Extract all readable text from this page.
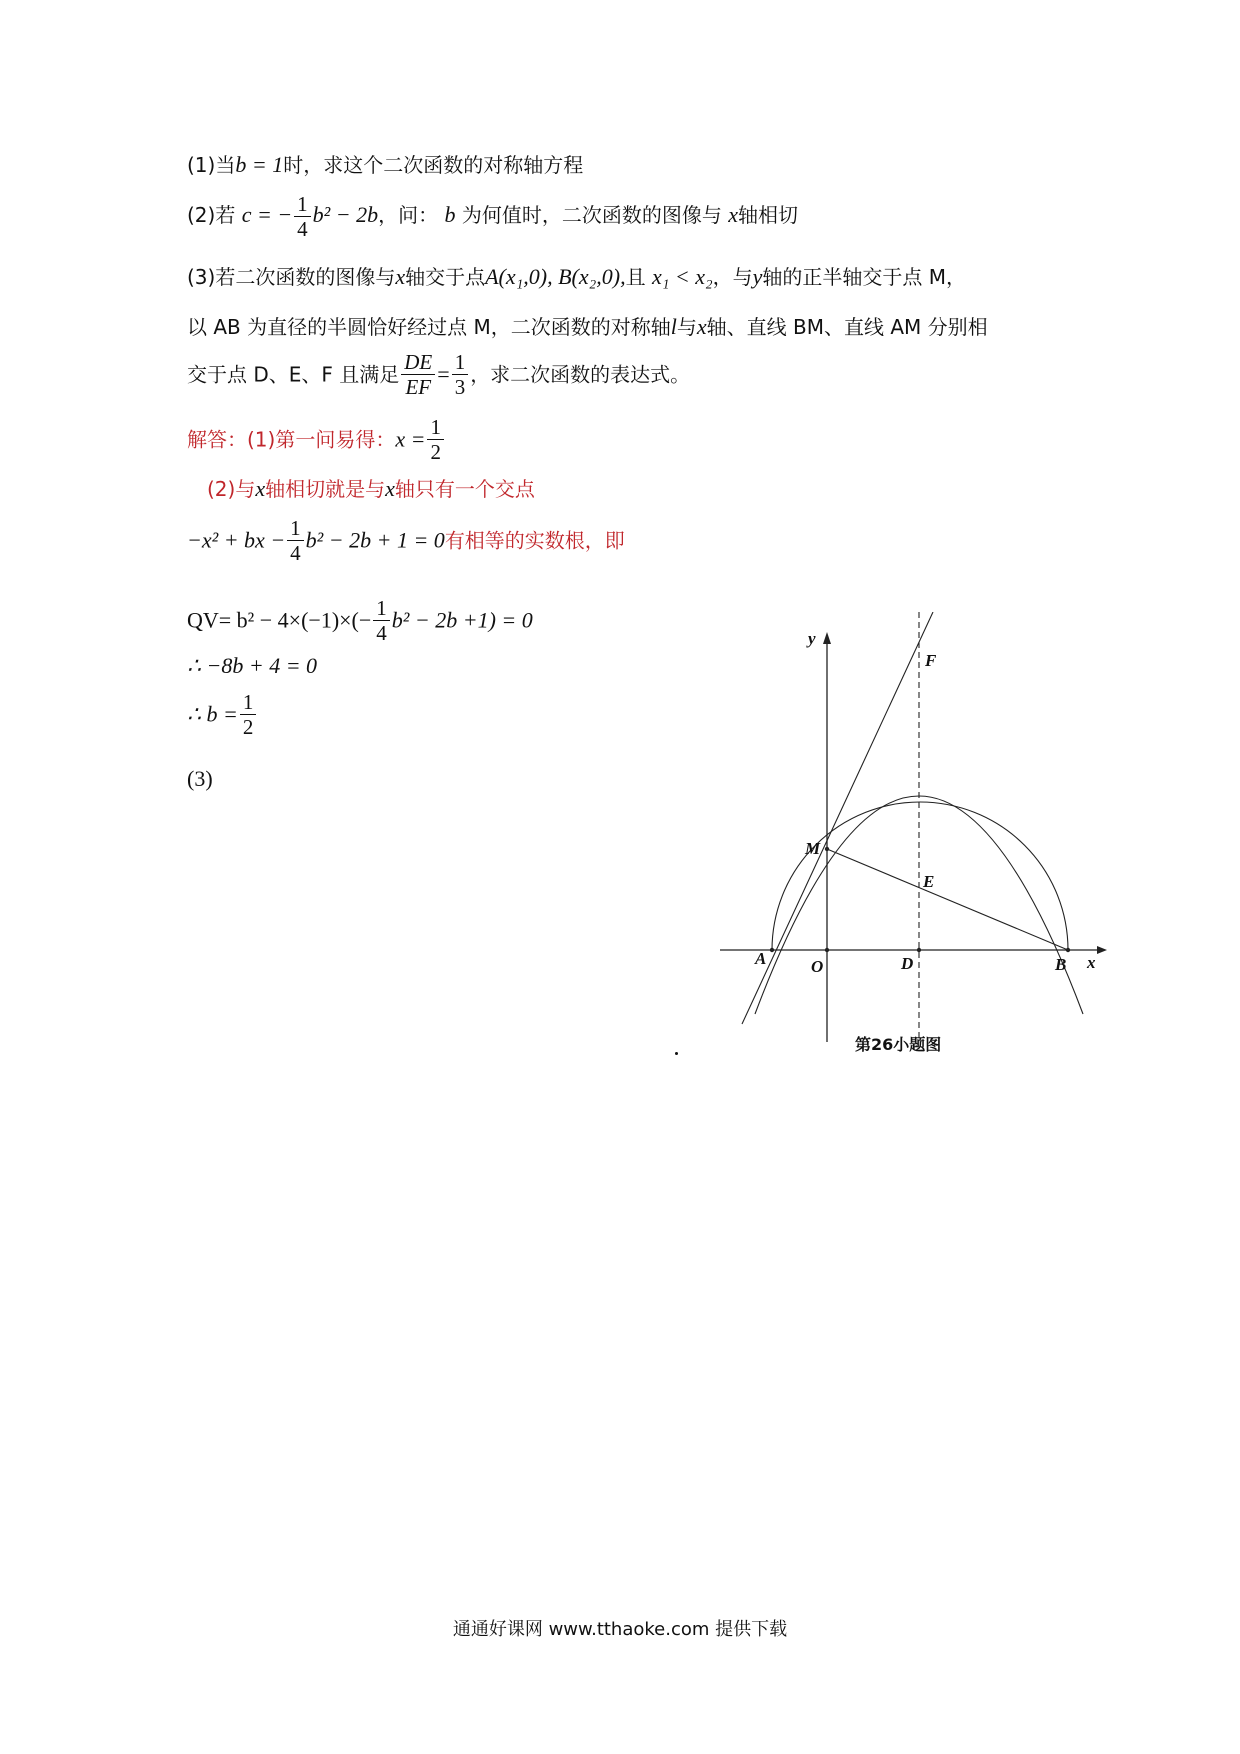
(1)当b = 1时，求这个二次函数的对称轴方程
(2)若 c = − $\frac{1}{4} b^2 - 2b$，问： b 为何值时，二次函数的图像与 x轴相切
(3)若二次函数的图像与x轴交于点A(x₁,0), B(x₂,0),且 x₁ < x₂，与y轴的正半轴交于点 M，
以 AB 为直径的半圆恰好经过点 M，二次函数的对称轴l与x轴、直线 BM、直线 AM 分别相
交于点 D、E、F 且满足 $\frac{DE}{EF} = \frac{1}{3}$ ，求二次函数的表达式。
解答：(1)第一问易得：$x = \frac{1}{2}$
(2)与x轴相切就是与x轴只有一个交点
−x² + bx − $\frac{1}{4} b^2 - 2b + 1 = 0$有相等的实数根，即
$QV= b^2 - 4\times(-1)\times(- \frac{1}{4} b^2 - 2b +1) = 0$
∴ −8b + 4 = 0
∴ $b = \frac{1}{2}$
(3)
y
x
O
A	B
D
E
F
M
第26小题图
通通好课网 www.tthaoke.com 提供下载
